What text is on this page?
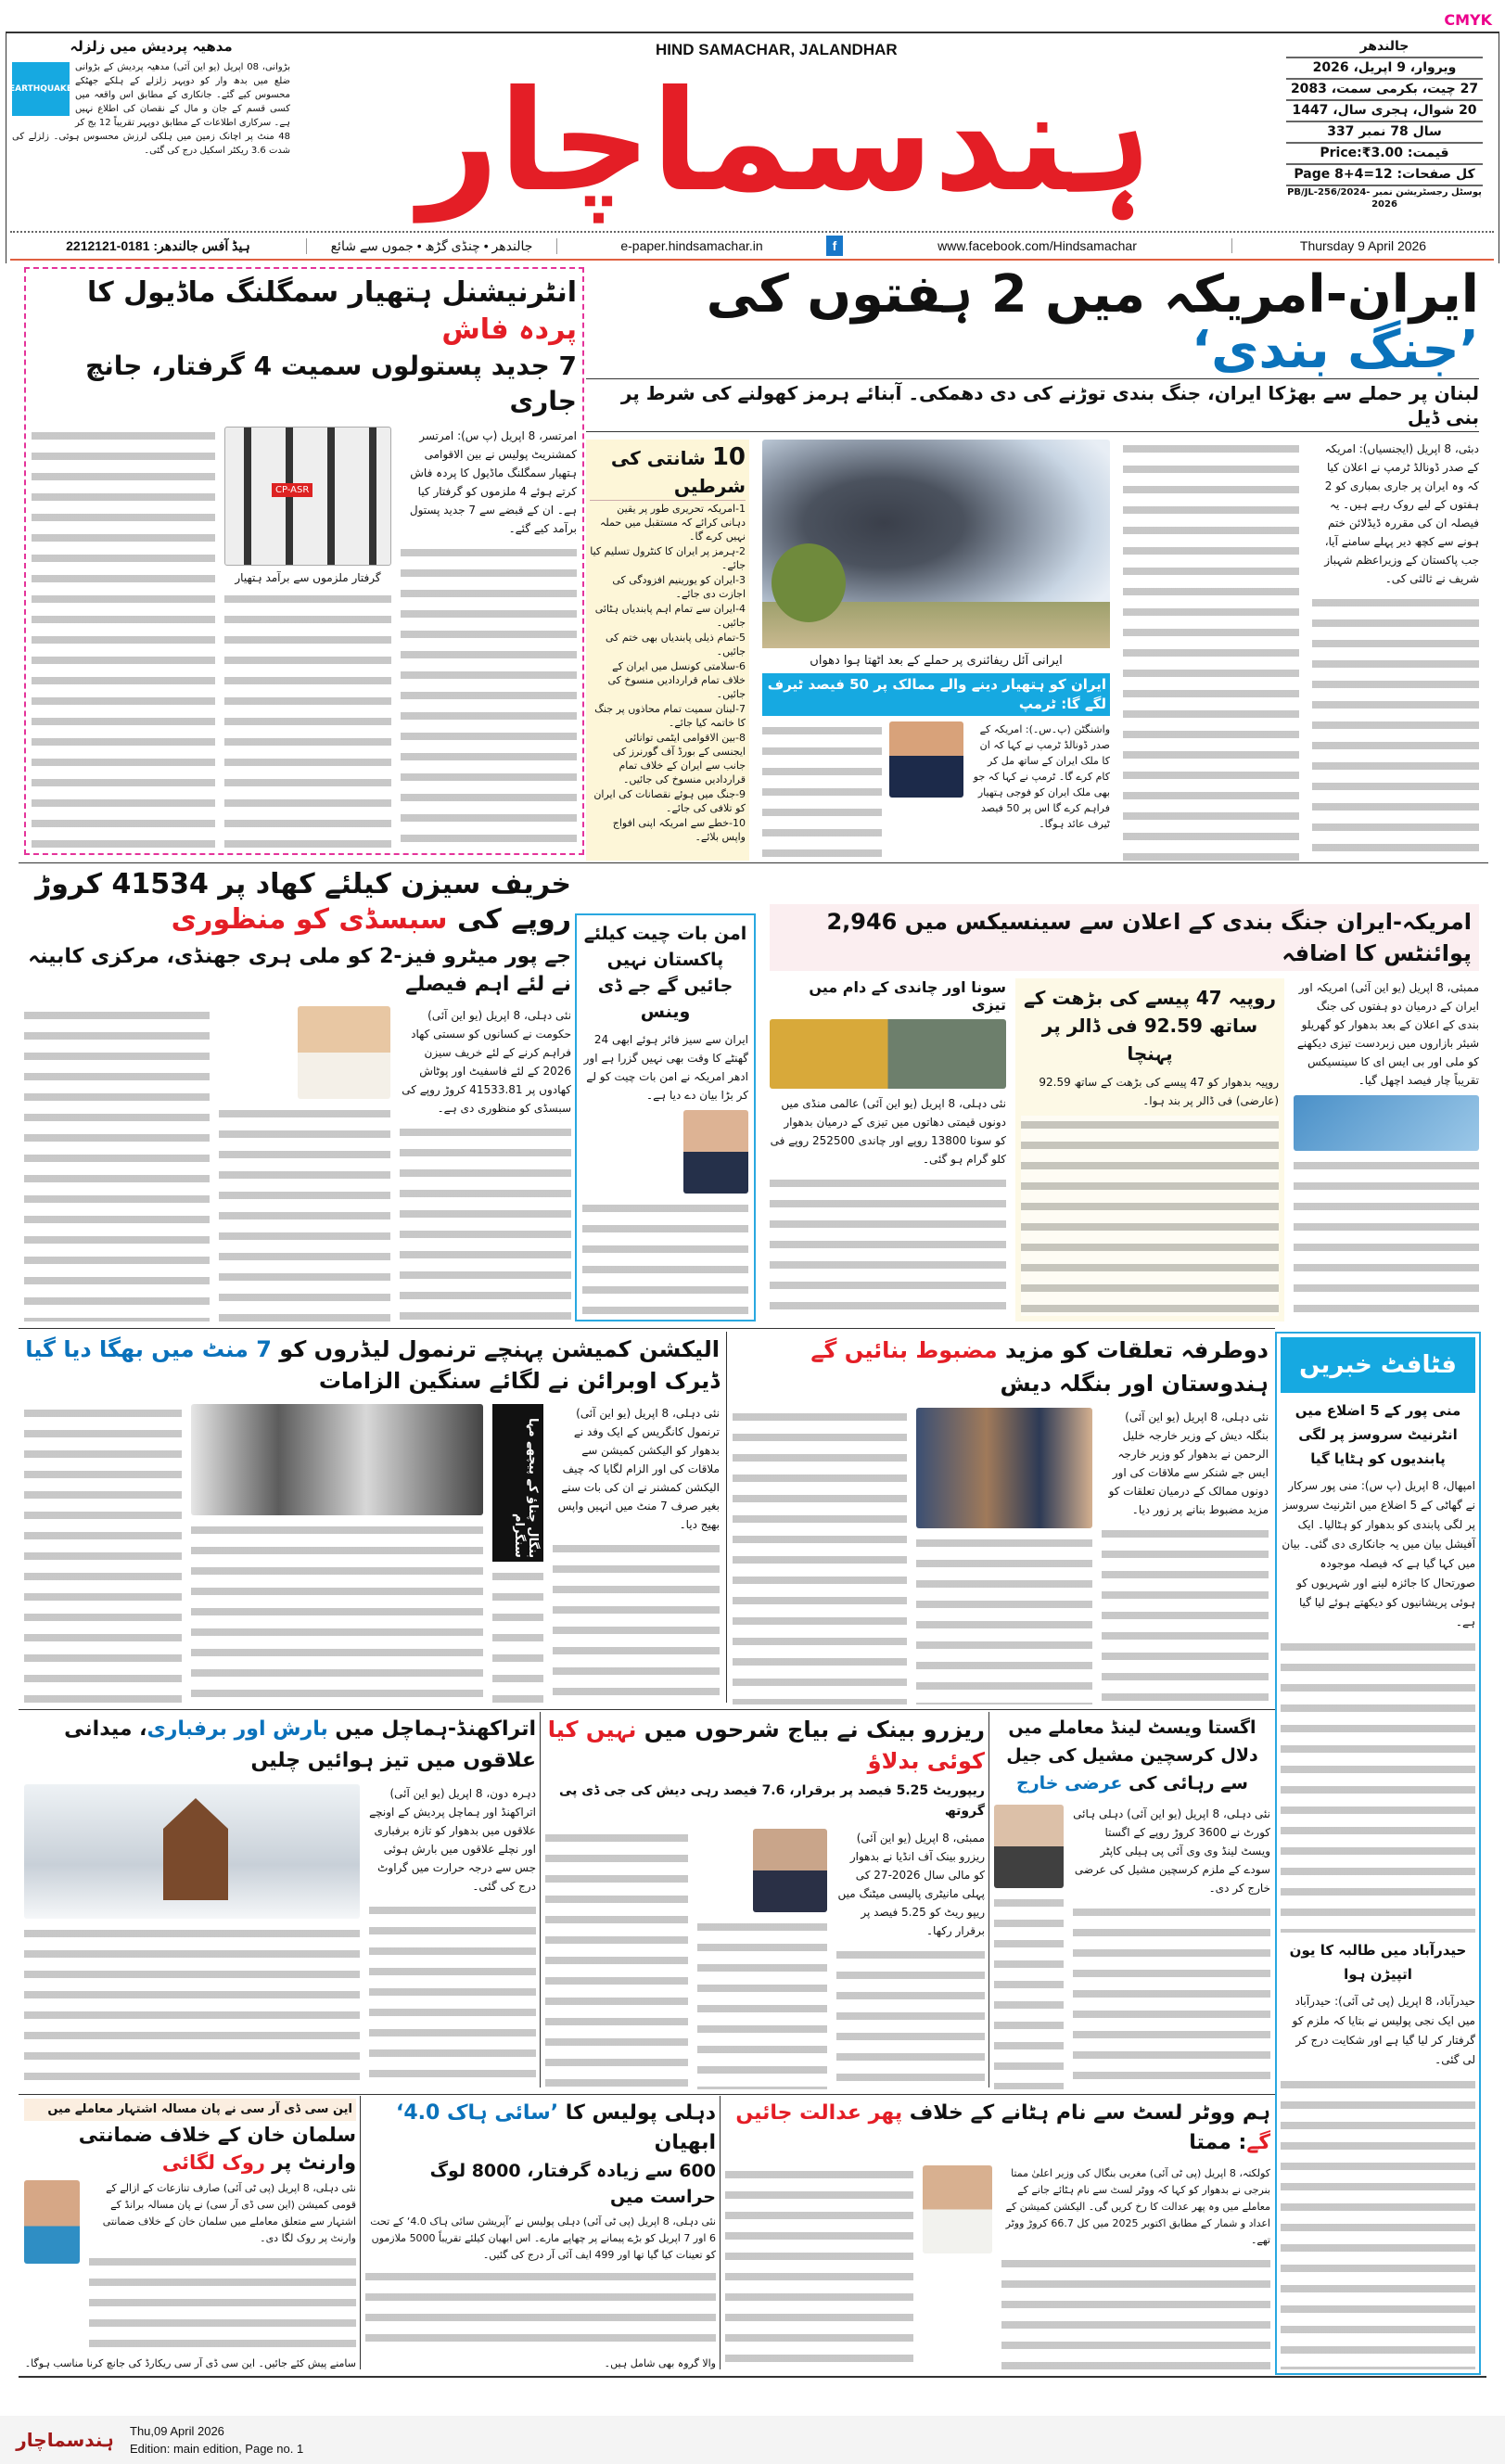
CMYK
HIND SAMACHAR, JALANDHAR
ہندسماچار
مدھیہ پردیش میں زلزلہ
EARTHQUAKE
بڑوانی، 08 اپریل (یو این آئی) مدھیہ پردیش کے بڑوانی ضلع میں بدھ وار کو دوپہر زلزلے کے ہلکے جھٹکے محسوس کیے گئے۔ جانکاری کے مطابق اس واقعہ میں کسی قسم کے جان و مال کے نقصان کی اطلاع نہیں ہے۔ سرکاری اطلاعات کے مطابق دوپہر تقریباً 12 بج کر 48 منٹ پر اچانک زمین میں ہلکی لرزش محسوس ہوئی۔ زلزلے کی شدت 3.6 ریکٹر اسکیل درج کی گئی۔
جالندھر
ویروار، 9 اپریل، 2026
27 چیت، بکرمی سمت، 2083
20 شوال، ہجری سال، 1447
سال 78 نمبر 337
قیمت: Price:₹3.00
کل صفحات: 12=4+8 Page
پوسٹل رجسٹریشن نمبر PB/JL-256/2024-2026
ہیڈ آفس جالندھر: 0181-2212121	جالندھر • چنڈی گڑھ • جموں سے شائع	e-paper.hindsamachar.in	f	www.facebook.com/Hindsamachar	Thursday 9 April 2026
انٹرنیشنل ہتھیار سمگلنگ ماڈیول کا پردہ فاش
7 جدید پستولوں سمیت 4 گرفتار، جانچ جاری
امرتسر، 8 اپریل (پ س): امرتسر کمشنریٹ پولیس نے بین الاقوامی ہتھیار سمگلنگ ماڈیول کا پردہ فاش کرتے ہوئے 4 ملزموں کو گرفتار کیا ہے۔ ان کے قبضے سے 7 جدید پستول برآمد کیے گئے۔
CP-ASR
گرفتار ملزموں سے برآمد ہتھیار
ایران-امریکہ میں 2 ہفتوں کی ’جنگ بندی‘
لبنان پر حملے سے بھڑکا ایران، جنگ بندی توڑنے کی دی دھمکی۔ آبنائے ہرمز کھولنے کی شرط پر بنی ڈیل
دبئی، 8 اپریل (ایجنسیاں): امریکہ کے صدر ڈونالڈ ٹرمپ نے اعلان کیا کہ وہ ایران پر جاری بمباری کو 2 ہفتوں کے لیے روک رہے ہیں۔ یہ فیصلہ ان کی مقررہ ڈیڈلائن ختم ہونے سے کچھ دیر پہلے سامنے آیا، جب پاکستان کے وزیراعظم شہباز شریف نے ثالثی کی۔
ایرانی آئل ریفائنری پر حملے کے بعد اٹھتا ہوا دھواں
ایران کو ہتھیار دینے والے ممالک پر 50 فیصد ٹیرف لگے گا: ٹرمپ
واشنگٹن (پ۔س۔): امریکہ کے صدر ڈونالڈ ٹرمپ نے کہا کہ ان کا ملک ایران کے ساتھ مل کر کام کرے گا۔ ٹرمپ نے کہا کہ جو بھی ملک ایران کو فوجی ہتھیار فراہم کرے گا اس پر 50 فیصد ٹیرف عائد ہوگا۔
10 شانتی کی شرطیں
1-امریکہ تحریری طور پر یقین دہانی کرائے کہ مستقبل میں حملہ نہیں کرے گا۔
2-ہرمز پر ایران کا کنٹرول تسلیم کیا جائے۔
3-ایران کو یورینیم افزودگی کی اجازت دی جائے۔
4-ایران سے تمام اہم پابندیاں ہٹائی جائیں۔
5-تمام ذیلی پابندیاں بھی ختم کی جائیں۔
6-سلامتی کونسل میں ایران کے خلاف تمام قراردادیں منسوخ کی جائیں۔
7-لبنان سمیت تمام محاذوں پر جنگ کا خاتمہ کیا جائے۔
8-بین الاقوامی ایٹمی توانائی ایجنسی کے بورڈ آف گورنرز کی جانب سے ایران کے خلاف تمام قراردادیں منسوخ کی جائیں۔
9-جنگ میں ہوئے نقصانات کی ایران کو تلافی کی جائے۔
10-خطے سے امریکہ اپنی افواج واپس بلائے۔
خریف سیزن کیلئے کھاد پر 41534 کروڑ روپے کی سبسڈی کو منظوری
جے پور میٹرو فیز-2 کو ملی ہری جھنڈی، مرکزی کابینہ نے لئے اہم فیصلے
نئی دہلی، 8 اپریل (یو این آئی) حکومت نے کسانوں کو سستی کھاد فراہم کرنے کے لئے خریف سیزن 2026 کے لئے فاسفیٹ اور پوٹاش کھادوں پر 41533.81 کروڑ روپے کی سبسڈی کو منظوری دی ہے۔
امن بات چیت کیلئے پاکستان نہیں جائیں گے جے ڈی وینس
ایران سے سیز فائر ہوئے ابھی 24 گھنٹے کا وقت بھی نہیں گزرا ہے اور ادھر امریکہ نے امن بات چیت کو لے کر بڑا بیان دے دیا ہے۔
امریکہ-ایران جنگ بندی کے اعلان سے سینسیکس میں 2,946 پوائنٹس کا اضافہ
ممبئی، 8 اپریل (یو این آئی) امریکہ اور ایران کے درمیان دو ہفتوں کی جنگ بندی کے اعلان کے بعد بدھوار کو گھریلو شیئر بازاروں میں زبردست تیزی دیکھنے کو ملی اور بی ایس ای کا سینسیکس تقریباً چار فیصد اچھل گیا۔
روپیہ 47 پیسے کی بڑھت کے ساتھ 92.59 فی ڈالر پر پہنچا
روپیہ بدھوار کو 47 پیسے کی بڑھت کے ساتھ 92.59 (عارضی) فی ڈالر پر بند ہوا۔
سونا اور چاندی کے دام میں تیزی
نئی دہلی، 8 اپریل (یو این آئی) عالمی منڈی میں دونوں قیمتی دھاتوں میں تیزی کے درمیان بدھوار کو سونا 13800 روپے اور چاندی 252500 روپے فی کلو گرام ہو گئی۔
الیکشن کمیشن پہنچے ترنمول لیڈروں کو 7 منٹ میں بھگا دیا گیا ڈیرک اوبرائن نے لگائے سنگین الزامات
نئی دہلی، 8 اپریل (یو این آئی) ترنمول کانگریس کے ایک وفد نے بدھوار کو الیکشن کمیشن سے ملاقات کی اور الزام لگایا کہ چیف الیکشن کمشنر نے ان کی بات سنے بغیر صرف 7 منٹ میں انہیں واپس بھیج دیا۔
بنگال چناؤ کے پیچھے مہا سنگرام
دوطرفہ تعلقات کو مزید مضبوط بنائیں گے ہندوستان اور بنگلہ دیش
نئی دہلی، 8 اپریل (یو این آئی) بنگلہ دیش کے وزیر خارجہ خلیل الرحمن نے بدھوار کو وزیر خارجہ ایس جے شنکر سے ملاقات کی اور دونوں ممالک کے درمیان تعلقات کو مزید مضبوط بنانے پر زور دیا۔
فٹافٹ خبریں
منی پور کے 5 اضلاع میں انٹرنیٹ سروسز پر لگی پابندیوں کو ہٹایا گیا
امپھال، 8 اپریل (پ س): منی پور سرکار نے گھاٹی کے 5 اضلاع میں انٹرنیٹ سروسز پر لگی پابندی کو بدھوار کو ہٹالیا۔ ایک آفیشل بیان میں یہ جانکاری دی گئی۔ بیان میں کہا گیا ہے کہ فیصلہ موجودہ صورتحال کا جائزہ لینے اور شہریوں کو ہوئی پریشانیوں کو دیکھتے ہوئے لیا گیا ہے۔
حیدرآباد میں طالبہ کا یون اتپیڑن ہوا
حیدرآباد، 8 اپریل (پی ٹی آئی): حیدرآباد میں ایک نجی پولیس نے بتایا کہ ملزم کو گرفتار کر لیا گیا ہے اور شکایت درج کر لی گئی۔
اتراکھنڈ-ہماچل میں بارش اور برفباری، میدانی علاقوں میں تیز ہوائیں چلیں
دہرہ دون، 8 اپریل (یو این آئی) اتراکھنڈ اور ہماچل پردیش کے اونچے علاقوں میں بدھوار کو تازہ برفباری اور نچلے علاقوں میں بارش ہوئی جس سے درجہ حرارت میں گراوٹ درج کی گئی۔
ریزرو بینک نے بیاج شرحوں میں نہیں کیا کوئی بدلاؤ
ریپوریٹ 5.25 فیصد پر برقرار، 7.6 فیصد رہی دیش کی جی ڈی پی گروتھ
ممبئی، 8 اپریل (یو این آئی) ریزرو بینک آف انڈیا نے بدھوار کو مالی سال 2026-27 کی پہلی مانیٹری پالیسی میٹنگ میں ریپو ریٹ کو 5.25 فیصد پر برقرار رکھا۔
اگستا ویسٹ لینڈ معاملے میں دلال کرسچین مشیل کی جیل سے رہائی کی عرضی خارج
نئی دہلی، 8 اپریل (یو این آئی) دہلی ہائی کورٹ نے 3600 کروڑ روپے کے اگستا ویسٹ لینڈ وی وی آئی پی ہیلی کاپٹر سودے کے ملزم کرسچین مشیل کی عرضی خارج کر دی۔
این سی ڈی آر سی نے پان مسالہ اشتہار معاملے میں
سلمان خان کے خلاف ضمانتی وارنٹ پر روک لگائی
نئی دہلی، 8 اپریل (پی ٹی آئی) صارف تنازعات کے ازالے کے قومی کمیشن (این سی ڈی آر سی) نے پان مسالہ برانڈ کے اشتہار سے متعلق معاملے میں سلمان خان کے خلاف ضمانتی وارنٹ پر روک لگا دی۔
سامنے پیش کئے جائیں۔ این سی ڈی آر سی ریکارڈ کی جانچ کرنا مناسب ہوگا۔
دہلی پولیس کا ’سائی ہاک 4.0‘ ابھیان
600 سے زیادہ گرفتار، 8000 لوگ حراست میں
نئی دہلی، 8 اپریل (پی ٹی آئی) دہلی پولیس نے ’آپریشن سائی ہاک 4.0‘ کے تحت 6 اور 7 اپریل کو بڑے پیمانے پر چھاپے مارے۔ اس ابھیان کیلئے تقریباً 5000 ملازموں کو تعینات کیا گیا تھا اور 499 ایف آئی آر درج کی گئیں۔
والا گروہ بھی شامل ہیں۔
ہم ووٹر لسٹ سے نام ہٹانے کے خلاف پھر عدالت جائیں گے: ممتا
کولکتہ، 8 اپریل (پی ٹی آئی) مغربی بنگال کی وزیر اعلیٰ ممتا بنرجی نے بدھوار کو کہا کہ ووٹر لسٹ سے نام ہٹائے جانے کے معاملے میں وہ پھر عدالت کا رخ کریں گی۔ الیکشن کمیشن کے اعداد و شمار کے مطابق اکتوبر 2025 میں کل 66.7 کروڑ ووٹر تھے۔
ہندسماچار	Thu,09 April 2026
Edition: main edition, Page no. 1
